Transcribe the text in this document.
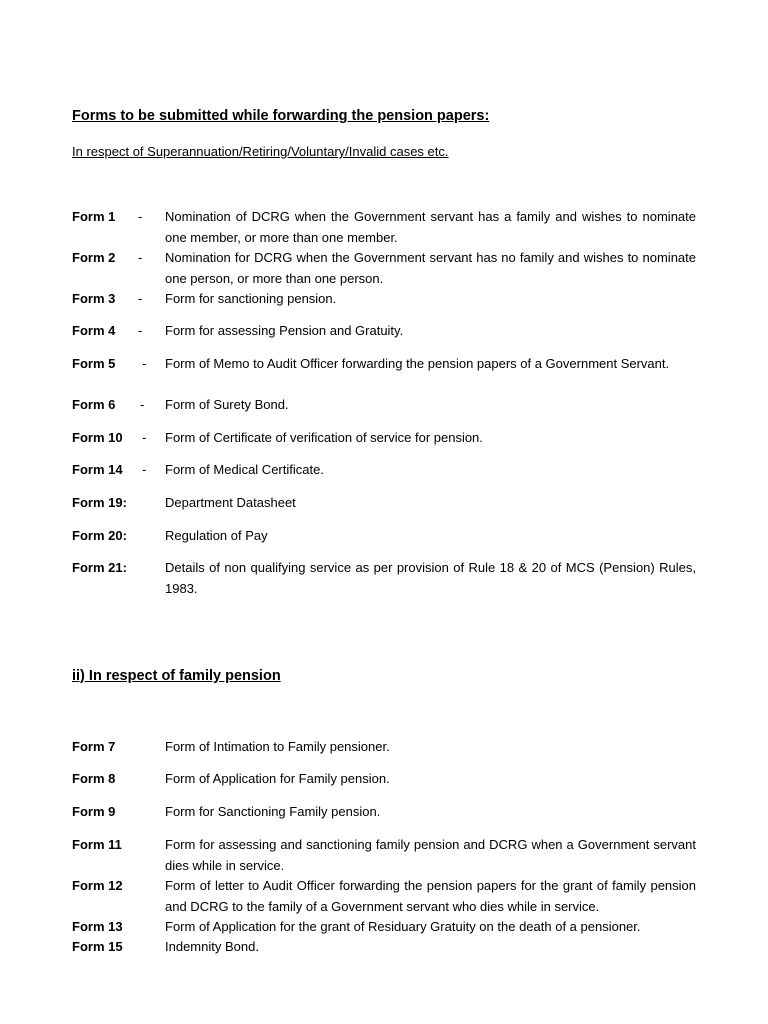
Forms to be submitted while forwarding the pension papers:
In respect of Superannuation/Retiring/Voluntary/Invalid cases etc.
Form 1 - Nomination of DCRG when the Government servant has a family and wishes to nominate one member, or more than one member.
Form 2 - Nomination for DCRG when the Government servant has no family and wishes to nominate one person, or more than one person.
Form 3 - Form for sanctioning pension.
Form 4 - Form for assessing Pension and Gratuity.
Form 5 - Form of Memo to Audit Officer forwarding the pension papers of a Government Servant.
Form 6 - Form of Surety Bond.
Form 10 - Form of Certificate of verification of service for pension.
Form 14 - Form of Medical Certificate.
Form 19:	Department Datasheet
Form 20:	Regulation of Pay
Form 21:	Details of non qualifying service as per provision of Rule 18 & 20 of MCS (Pension) Rules, 1983.
ii) In respect of family pension
Form 7	Form of Intimation to Family pensioner.
Form 8	Form of Application for Family pension.
Form 9	Form for Sanctioning Family pension.
Form 11	Form for assessing and sanctioning family pension and DCRG when a Government servant dies while in service.
Form 12	Form of letter to Audit Officer forwarding the pension papers for the grant of family pension and DCRG to the family of a Government servant who dies while in service.
Form 13	Form of Application for the grant of Residuary Gratuity on the death of a pensioner.
Form 15	Indemnity Bond.
